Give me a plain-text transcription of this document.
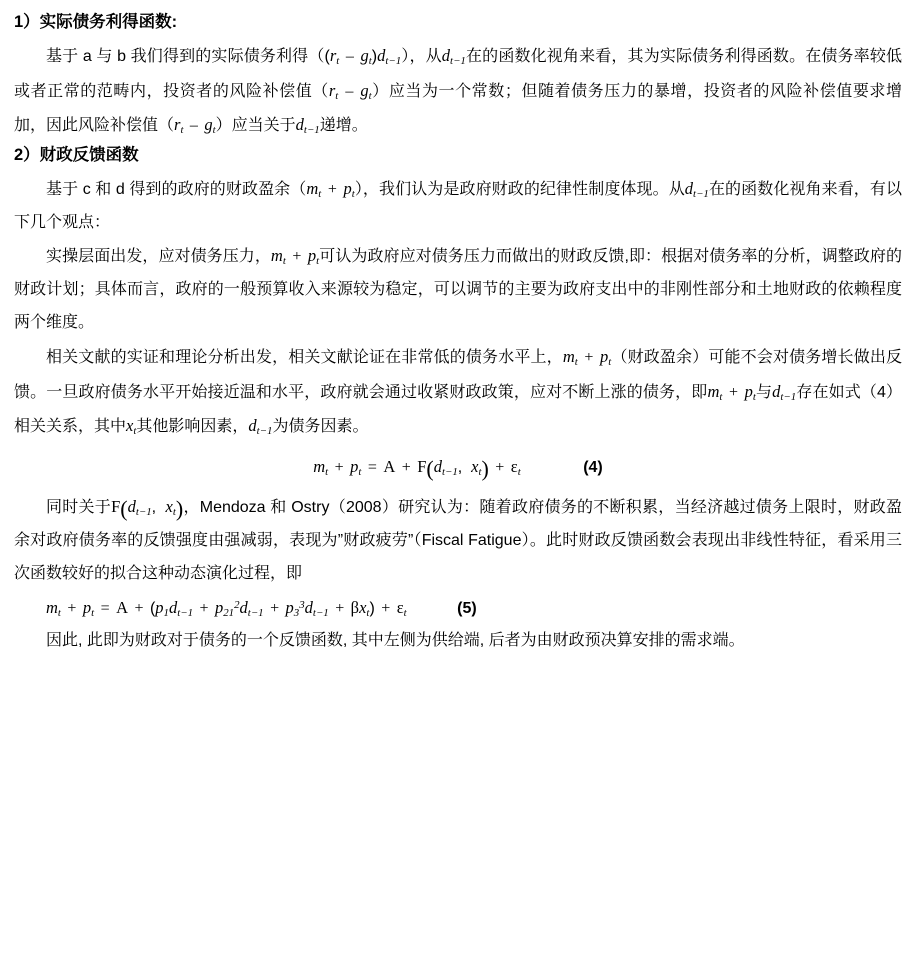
1）实际债务利得函数:

基于 a 与 b 我们得到的实际债务利得$((r_t - g_t)d_{t-1})$，从$d_{t-1}$在的函数化视角来看，其为实际债务利得函数。在债务率较低或者正常的范畴内，投资者的风险补偿值$(r_t - g_t)$应当为一个常数；但随着债务压力的暴增，投资者的风险补偿值要求增加，因此风险补偿值$(r_t - g_t)$应当关于$d_{t-1}$递增。

2）财政反馈函数

基于 c 和 d 得到的政府的财政盈余$(m_t + p_t)$，我们认为是政府财政的纪律性制度体现。从$d_{t-1}$在的函数化视角来看，有以下几个观点：

实操层面出发，应对债务压力，$m_t + p_t$可认为政府应对债务压力而做出的财政反馈,即：根据对债务率的分析，调整政府的财政计划；具体而言，政府的一般预算收入来源较为稳定，可以调节的主要为政府支出中的非刚性部分和土地财政的依赖程度两个维度。

相关文献的实证和理论分析出发，相关文献论证在非常低的债务水平上，$m_t + p_t$（财政盈余）可能不会对债务增长做出反馈。一旦政府债务水平开始接近温和水平，政府就会通过收紧财政政策，应对不断上涨的债务，即$m_t + p_t$与$d_{t-1}$存在如式（4）相关关系，其中$x_t$其他影响因素，$d_{t-1}$为债务因素。

$m_t + p_t = A + F(d_{t-1}$,  $x_t) + \varepsilon_t$	(4)

同时关于$F(d_{t-1}$,  $x_t$)，Mendoza 和 Ostry（2008）研究认为：随着政府债务的不断积累，当经济越过债务上限时，财政盈余对政府债务率的反馈强度由强减弱，表现为”财政疲劳”（Fiscal Fatigue）。此时财政反馈函数会表现出非线性特征，看采用三次函数较好的拟合这种动态演化过程，即

$m_t + p_t = A + (p_1d_{t-1} + p_{21}^2d_{t-1} + p_3^3d_{t-1} + \beta x_t) + \varepsilon_t$	(5)

因此, 此即为财政对于债务的一个反馈函数, 其中左侧为供给端, 后者为由财政预决算安排的需求端。
